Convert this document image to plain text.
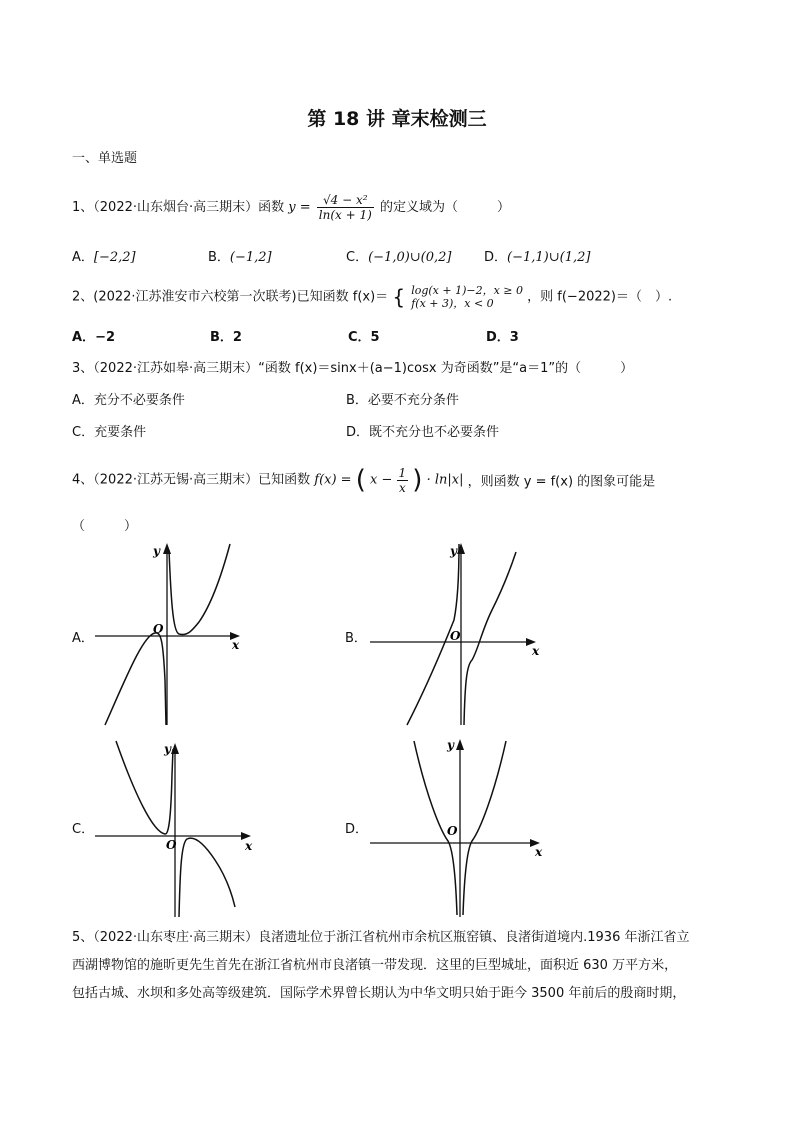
第 18 讲 章末检测三
一、单选题
1、（2022·山东烟台·高三期末）函数 $y = \frac{\text{√4 − x²}}{\ln(x + 1)}$ 的定义域为（　　　）
A．[−2,2]	B．(−1,2]	C．(−1,0)∪(0,2]	D．(−1,1)∪(1,2]
2、(2022·江苏淮安市六校第一次联考)已知函数 f(x)＝ { log(x + 1)−2，x ≥ 0
f(x + 3)，x < 0	，则 f(−2022)＝（　）.
A．−2	B．2	C．5	D．3
3、（2022·江苏如皋·高三期末）“函数 f(x)＝sinx＋(a−1)cosx 为奇函数”是“a＝1”的（　　　）
A．充分不必要条件	B．必要不充分条件
C．充要条件	D．既不充分也不必要条件
4、（2022·江苏无锡·高三期末）已知函数 f(x) = ( $x - \frac{1}{x}$ ) · ln|x| ，则函数 y = f(x) 的图象可能是
（　　　）
A．	B．
C．	D．
x
y
O
x
y
O
x
y
O	x
y
O
5、（2022·山东枣庄·高三期末）良渚遗址位于浙江省杭州市余杭区瓶窑镇、良渚街道境内.1936 年浙江省立
西湖博物馆的施昕更先生首先在浙江省杭州市良渚镇一带发现．这里的巨型城址，面积近 630 万平方米，
包括古城、水坝和多处高等级建筑．国际学术界曾长期认为中华文明只始于距今 3500 年前后的殷商时期，
